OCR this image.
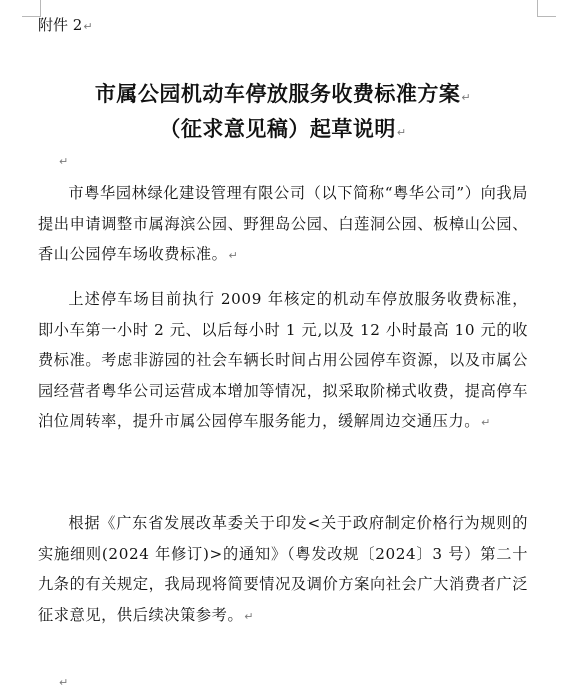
附件 2↵
市属公园机动车停放服务收费标准方案↵
（征求意见稿）起草说明↵
↵

市粤华园林绿化建设管理有限公司（以下简称“粤华公司”）向我局提出申请调整市属海滨公园、野狸岛公园、白莲洞公园、板樟山公园、香山公园停车场收费标准。↵

上述停车场目前执行 2009 年核定的机动车停放服务收费标准，即小车第一小时 2 元、以后每小时 1 元,以及 12 小时最高 10 元的收费标准。考虑非游园的社会车辆长时间占用公园停车资源，以及市属公园经营者粤华公司运营成本增加等情况，拟采取阶梯式收费，提高停车泊位周转率，提升市属公园停车服务能力，缓解周边交通压力。↵

根据《广东省发展改革委关于印发<关于政府制定价格行为规则的实施细则(2024 年修订)>的通知》（粤发改规〔2024〕3 号）第二十九条的有关规定，我局现将简要情况及调价方案向社会广大消费者广泛征求意见，供后续决策参考。↵

↵
